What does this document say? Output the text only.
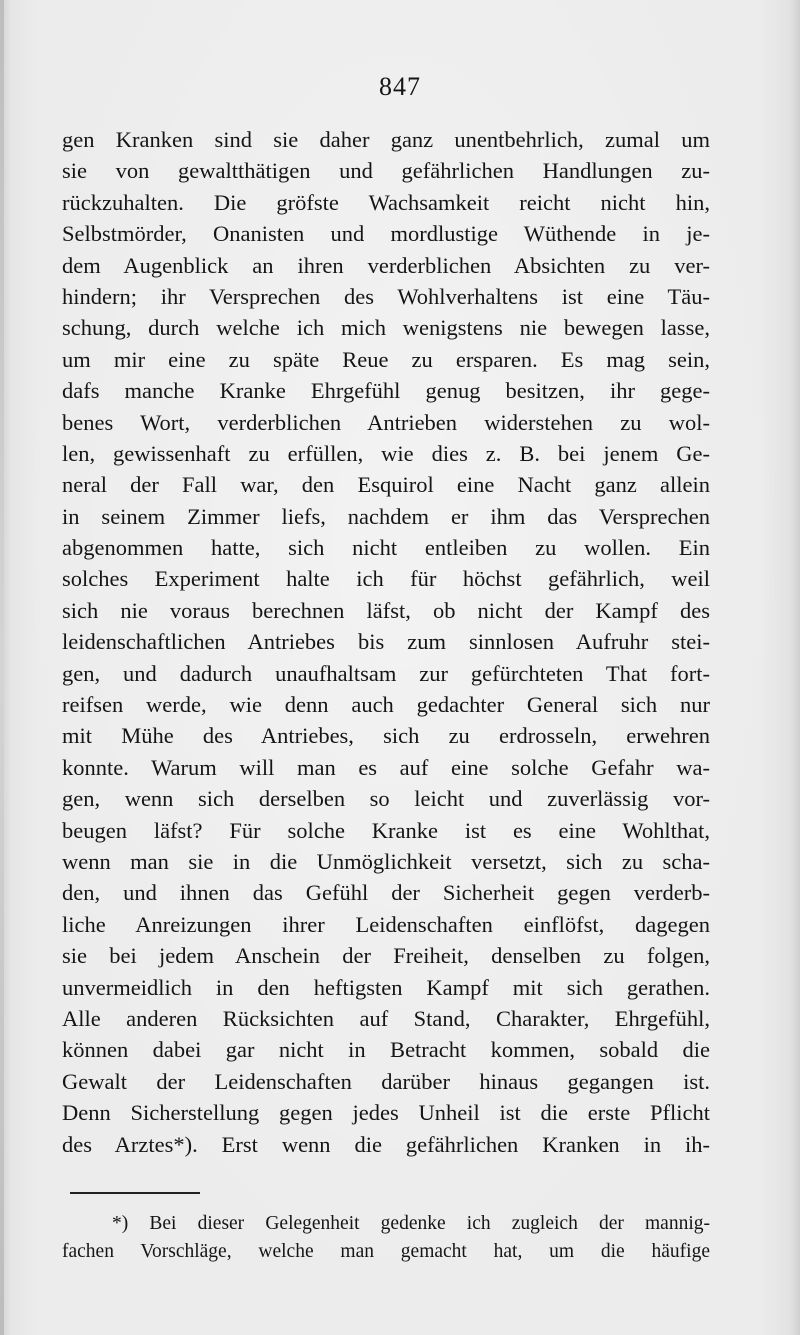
847
gen Kranken sind sie daher ganz unentbehrlich, zumal um
sie von gewaltthätigen und gefährlichen Handlungen zu-
rückzuhalten. Die gröfste Wachsamkeit reicht nicht hin,
Selbstmörder, Onanisten und mordlustige Wüthende in je-
dem Augenblick an ihren verderblichen Absichten zu ver-
hindern; ihr Versprechen des Wohlverhaltens ist eine Täu-
schung, durch welche ich mich wenigstens nie bewegen lasse,
um mir eine zu späte Reue zu ersparen. Es mag sein,
dafs manche Kranke Ehrgefühl genug besitzen, ihr gege-
benes Wort, verderblichen Antrieben widerstehen zu wol-
len, gewissenhaft zu erfüllen, wie dies z. B. bei jenem Ge-
neral der Fall war, den Esquirol eine Nacht ganz allein
in seinem Zimmer liefs, nachdem er ihm das Versprechen
abgenommen hatte, sich nicht entleiben zu wollen. Ein
solches Experiment halte ich für höchst gefährlich, weil
sich nie voraus berechnen läfst, ob nicht der Kampf des
leidenschaftlichen Antriebes bis zum sinnlosen Aufruhr stei-
gen, und dadurch unaufhaltsam zur gefürchteten That fort-
reifsen werde, wie denn auch gedachter General sich nur
mit Mühe des Antriebes, sich zu erdrosseln, erwehren
konnte. Warum will man es auf eine solche Gefahr wa-
gen, wenn sich derselben so leicht und zuverlässig vor-
beugen läfst? Für solche Kranke ist es eine Wohlthat,
wenn man sie in die Unmöglichkeit versetzt, sich zu scha-
den, und ihnen das Gefühl der Sicherheit gegen verderb-
liche Anreizungen ihrer Leidenschaften einflöfst, dagegen
sie bei jedem Anschein der Freiheit, denselben zu folgen,
unvermeidlich in den heftigsten Kampf mit sich gerathen.
Alle anderen Rücksichten auf Stand, Charakter, Ehrgefühl,
können dabei gar nicht in Betracht kommen, sobald die
Gewalt der Leidenschaften darüber hinaus gegangen ist.
Denn Sicherstellung gegen jedes Unheil ist die erste Pflicht
des Arztes*). Erst wenn die gefährlichen Kranken in ih-
*) Bei dieser Gelegenheit gedenke ich zugleich der mannig-
fachen Vorschläge, welche man gemacht hat, um die häufige
